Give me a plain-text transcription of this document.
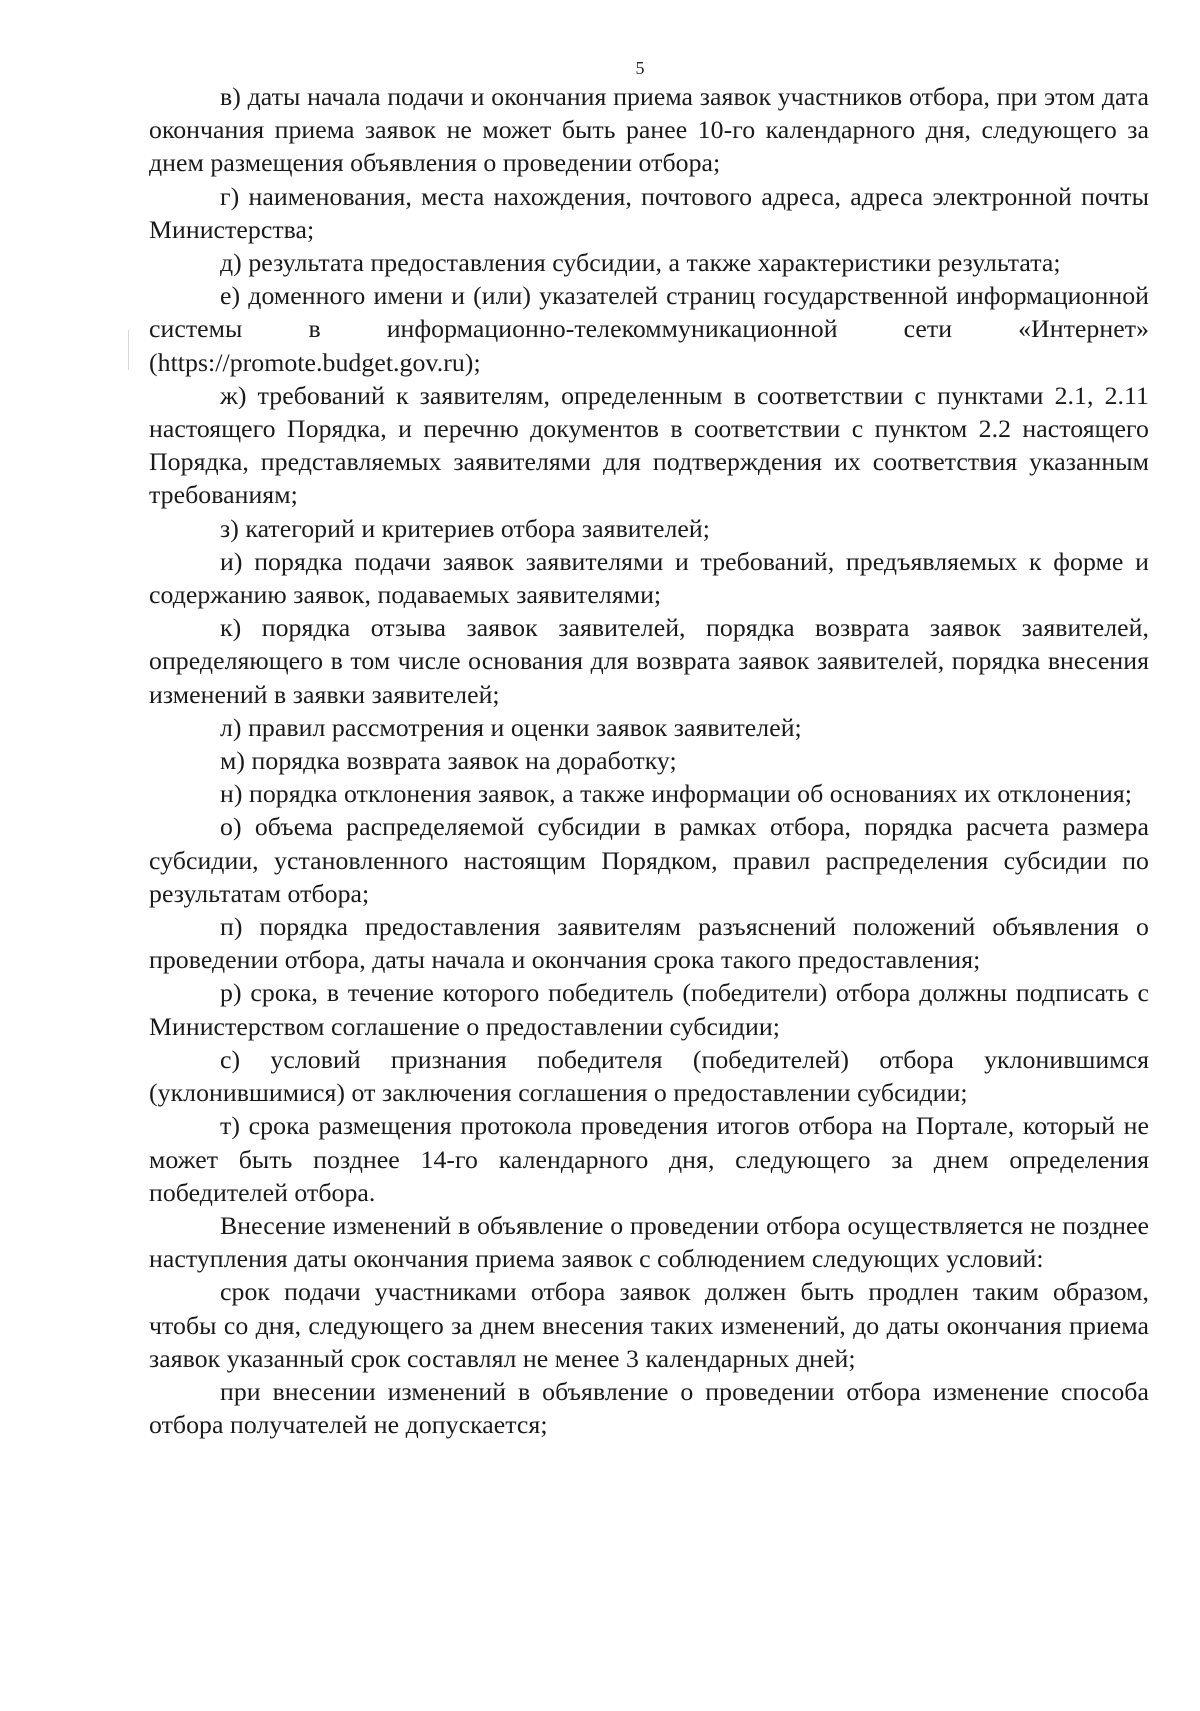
5

в) даты начала подачи и окончания приема заявок участников отбора, при этом дата окончания приема заявок не может быть ранее 10-го календарного дня, следующего за днем размещения объявления о проведении отбора;

г) наименования, места нахождения, почтового адреса, адреса электронной почты Министерства;

д) результата предоставления субсидии, а также характеристики результата;

е) доменного имени и (или) указателей страниц государственной информационной системы в информационно-телекоммуникационной сети «Интернет» (https://promote.budget.gov.ru);

ж) требований к заявителям, определенным в соответствии с пунктами 2.1, 2.11 настоящего Порядка, и перечню документов в соответствии с пунктом 2.2 настоящего Порядка, представляемых заявителями для подтверждения их соответствия указанным требованиям;

з) категорий и критериев отбора заявителей;

и) порядка подачи заявок заявителями и требований, предъявляемых к форме и содержанию заявок, подаваемых заявителями;

к) порядка отзыва заявок заявителей, порядка возврата заявок заявителей, определяющего в том числе основания для возврата заявок заявителей, порядка внесения изменений в заявки заявителей;

л) правил рассмотрения и оценки заявок заявителей;

м) порядка возврата заявок на доработку;

н) порядка отклонения заявок, а также информации об основаниях их отклонения;

о) объема распределяемой субсидии в рамках отбора, порядка расчета размера субсидии, установленного настоящим Порядком, правил распределения субсидии по результатам отбора;

п) порядка предоставления заявителям разъяснений положений объявления о проведении отбора, даты начала и окончания срока такого предоставления;

р) срока, в течение которого победитель (победители) отбора должны подписать с Министерством соглашение о предоставлении субсидии;

с) условий признания победителя (победителей) отбора уклонившимся (уклонившимися) от заключения соглашения о предоставлении субсидии;

т) срока размещения протокола проведения итогов отбора на Портале, который не может быть позднее 14-го календарного дня, следующего за днем определения победителей отбора.

Внесение изменений в объявление о проведении отбора осуществляется не позднее наступления даты окончания приема заявок с соблюдением следующих условий:

срок подачи участниками отбора заявок должен быть продлен таким образом, чтобы со дня, следующего за днем внесения таких изменений, до даты окончания приема заявок указанный срок составлял не менее 3 календарных дней;

при внесении изменений в объявление о проведении отбора изменение способа отбора получателей не допускается;
